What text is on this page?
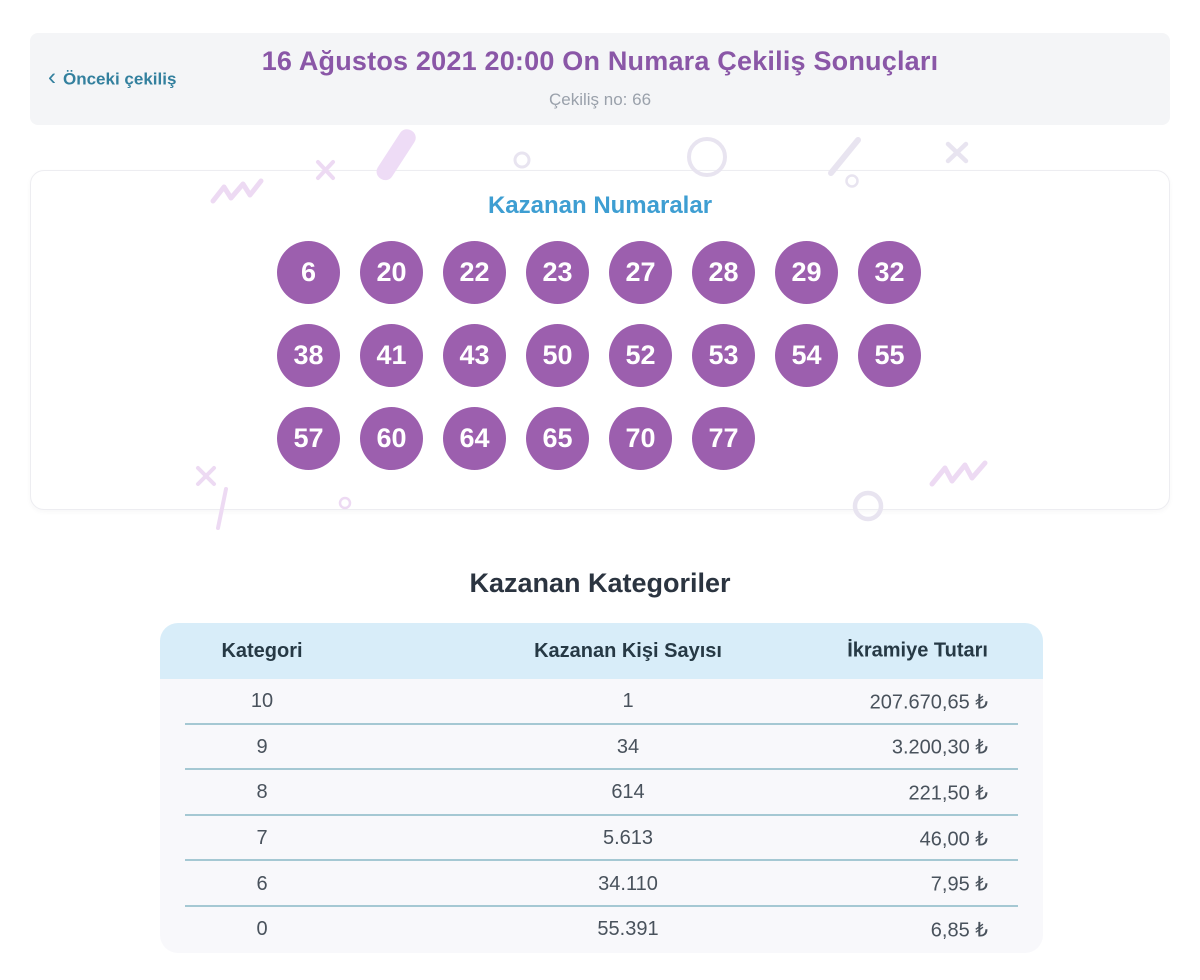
‹ Önceki çekiliş
16 Ağustos 2021 20:00 On Numara Çekiliş Sonuçları
Çekiliş no: 66
Kazanan Numaralar
6	20	22	23	27	28	29	32
38	41	43	50	52	53	54	55
57	60	64	65	70	77
Kazanan Kategoriler
Kategori	Kazanan Kişi Sayısı	İkramiye Tutarı
10	1	207.670,65 ₺
9	34	3.200,30 ₺
8	614	221,50 ₺
7	5.613	46,00 ₺
6	34.110	7,95 ₺
0	55.391	6,85 ₺
